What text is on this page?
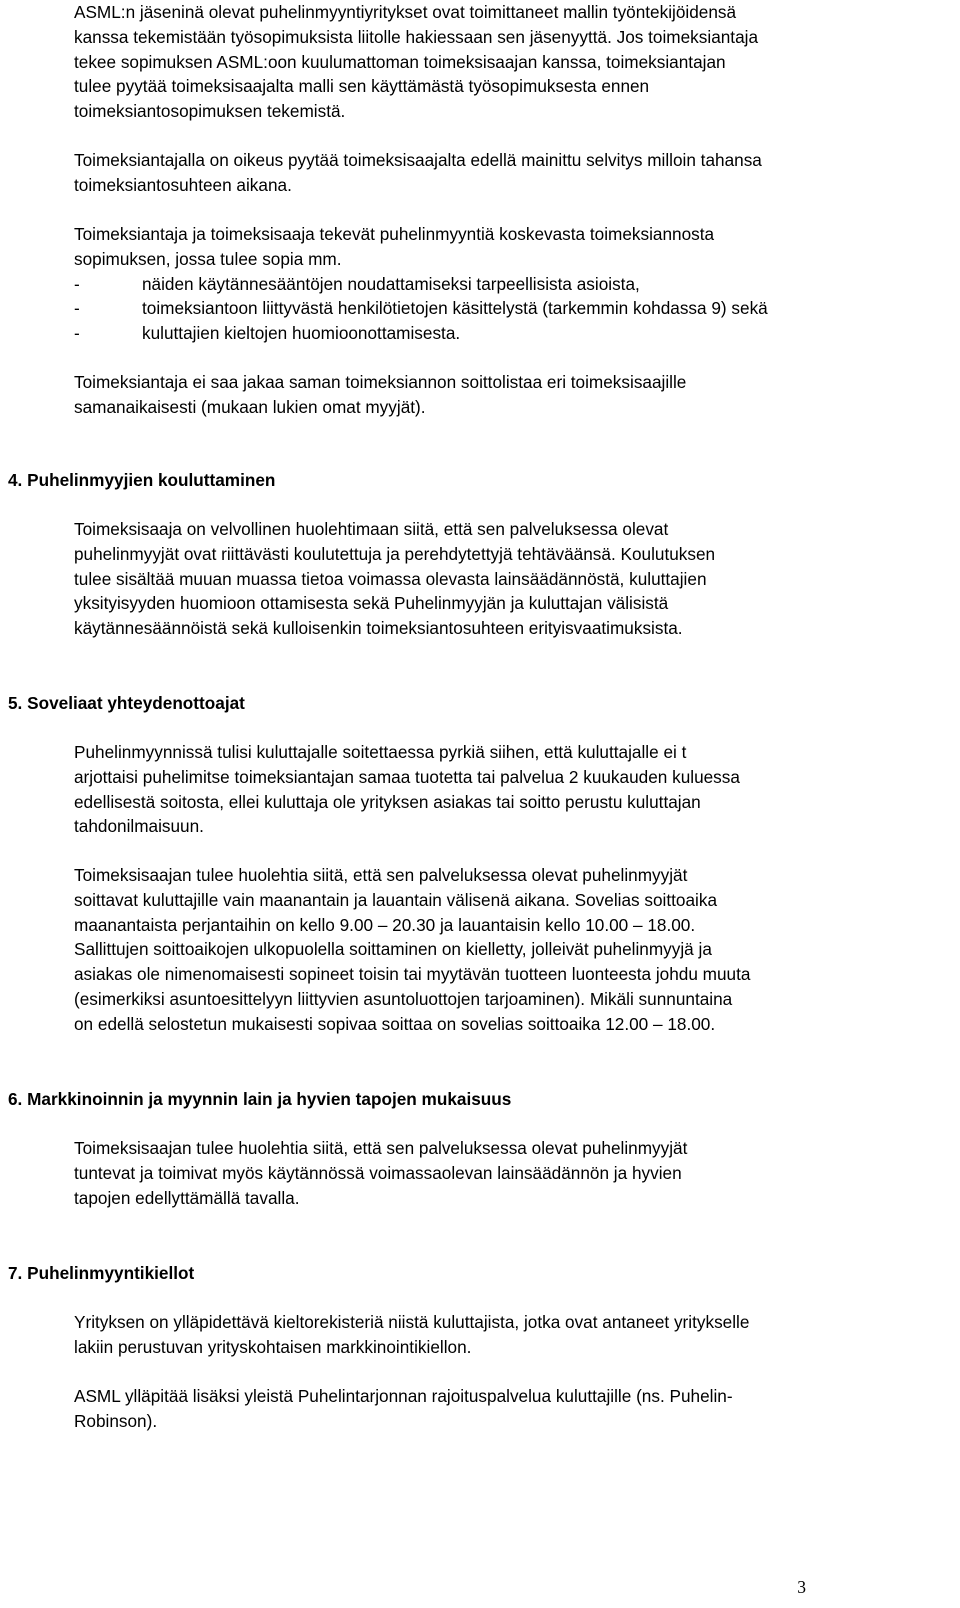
ASML:n jäseninä olevat puhelinmyyntiyritykset ovat toimittaneet mallin työntekijöidensä
kanssa tekemistään työsopimuksista liitolle hakiessaan sen jäsenyyttä. Jos toimeksiantaja
tekee sopimuksen ASML:oon kuulumattoman toimeksisaajan kanssa, toimeksiantajan
tulee pyytää toimeksisaajalta malli sen käyttämästä työsopimuksesta ennen
toimeksiantosopimuksen tekemistä.
Toimeksiantajalla on oikeus pyytää toimeksisaajalta edellä mainittu selvitys milloin tahansa
toimeksiantosuhteen aikana.
Toimeksiantaja ja toimeksisaaja tekevät puhelinmyyntiä koskevasta toimeksiannosta
sopimuksen, jossa tulee sopia mm.
-	näiden käytännesääntöjen noudattamiseksi tarpeellisista asioista,
-	toimeksiantoon liittyvästä henkilötietojen käsittelystä (tarkemmin kohdassa 9) sekä
-	kuluttajien kieltojen huomioonottamisesta.
Toimeksiantaja ei saa jakaa saman toimeksiannon soittolistaa eri toimeksisaajille
samanaikaisesti (mukaan lukien omat myyjät).
4. Puhelinmyyjien kouluttaminen
Toimeksisaaja on velvollinen huolehtimaan siitä, että sen palveluksessa olevat
puhelinmyyjät ovat riittävästi koulutettuja ja perehdytettyjä tehtäväänsä. Koulutuksen
tulee sisältää muuan muassa tietoa voimassa olevasta lainsäädännöstä, kuluttajien
yksityisyyden huomioon ottamisesta sekä Puhelinmyyjän ja kuluttajan välisistä
käytännesäännöistä sekä kulloisenkin toimeksiantosuhteen erityisvaatimuksista.
5. Soveliaat yhteydenottoajat
Puhelinmyynnissä tulisi kuluttajalle soitettaessa pyrkiä siihen, että kuluttajalle ei t
arjottaisi puhelimitse toimeksiantajan samaa tuotetta tai palvelua 2 kuukauden kuluessa
edellisestä soitosta, ellei kuluttaja ole yrityksen asiakas tai soitto perustu kuluttajan
tahdonilmaisuun.
Toimeksisaajan tulee huolehtia siitä, että sen palveluksessa olevat puhelinmyyjät
soittavat kuluttajille vain maanantain ja lauantain välisenä aikana. Sovelias soittoaika
maanantaista perjantaihin on kello 9.00 – 20.30 ja lauantaisin kello 10.00 – 18.00.
Sallittujen soittoaikojen ulkopuolella soittaminen on kielletty, jolleivät puhelinmyyjä ja
asiakas ole nimenomaisesti sopineet toisin tai myytävän tuotteen luonteesta johdu muuta
(esimerkiksi asuntoesittelyyn liittyvien asuntoluottojen tarjoaminen). Mikäli sunnuntaina
on edellä selostetun mukaisesti sopivaa soittaa on sovelias soittoaika 12.00 – 18.00.
6. Markkinoinnin ja myynnin lain ja hyvien tapojen mukaisuus
Toimeksisaajan tulee huolehtia siitä, että sen palveluksessa olevat puhelinmyyjät
tuntevat ja toimivat myös käytännössä voimassaolevan lainsäädännön ja hyvien
tapojen edellyttämällä tavalla.
7. Puhelinmyyntikiellot
Yrityksen on ylläpidettävä kieltorekisteriä niistä kuluttajista, jotka ovat antaneet yritykselle
lakiin perustuvan yrityskohtaisen markkinointikiellon.
ASML ylläpitää lisäksi yleistä Puhelintarjonnan rajoituspalvelua kuluttajille (ns. Puhelin-
Robinson).
3
